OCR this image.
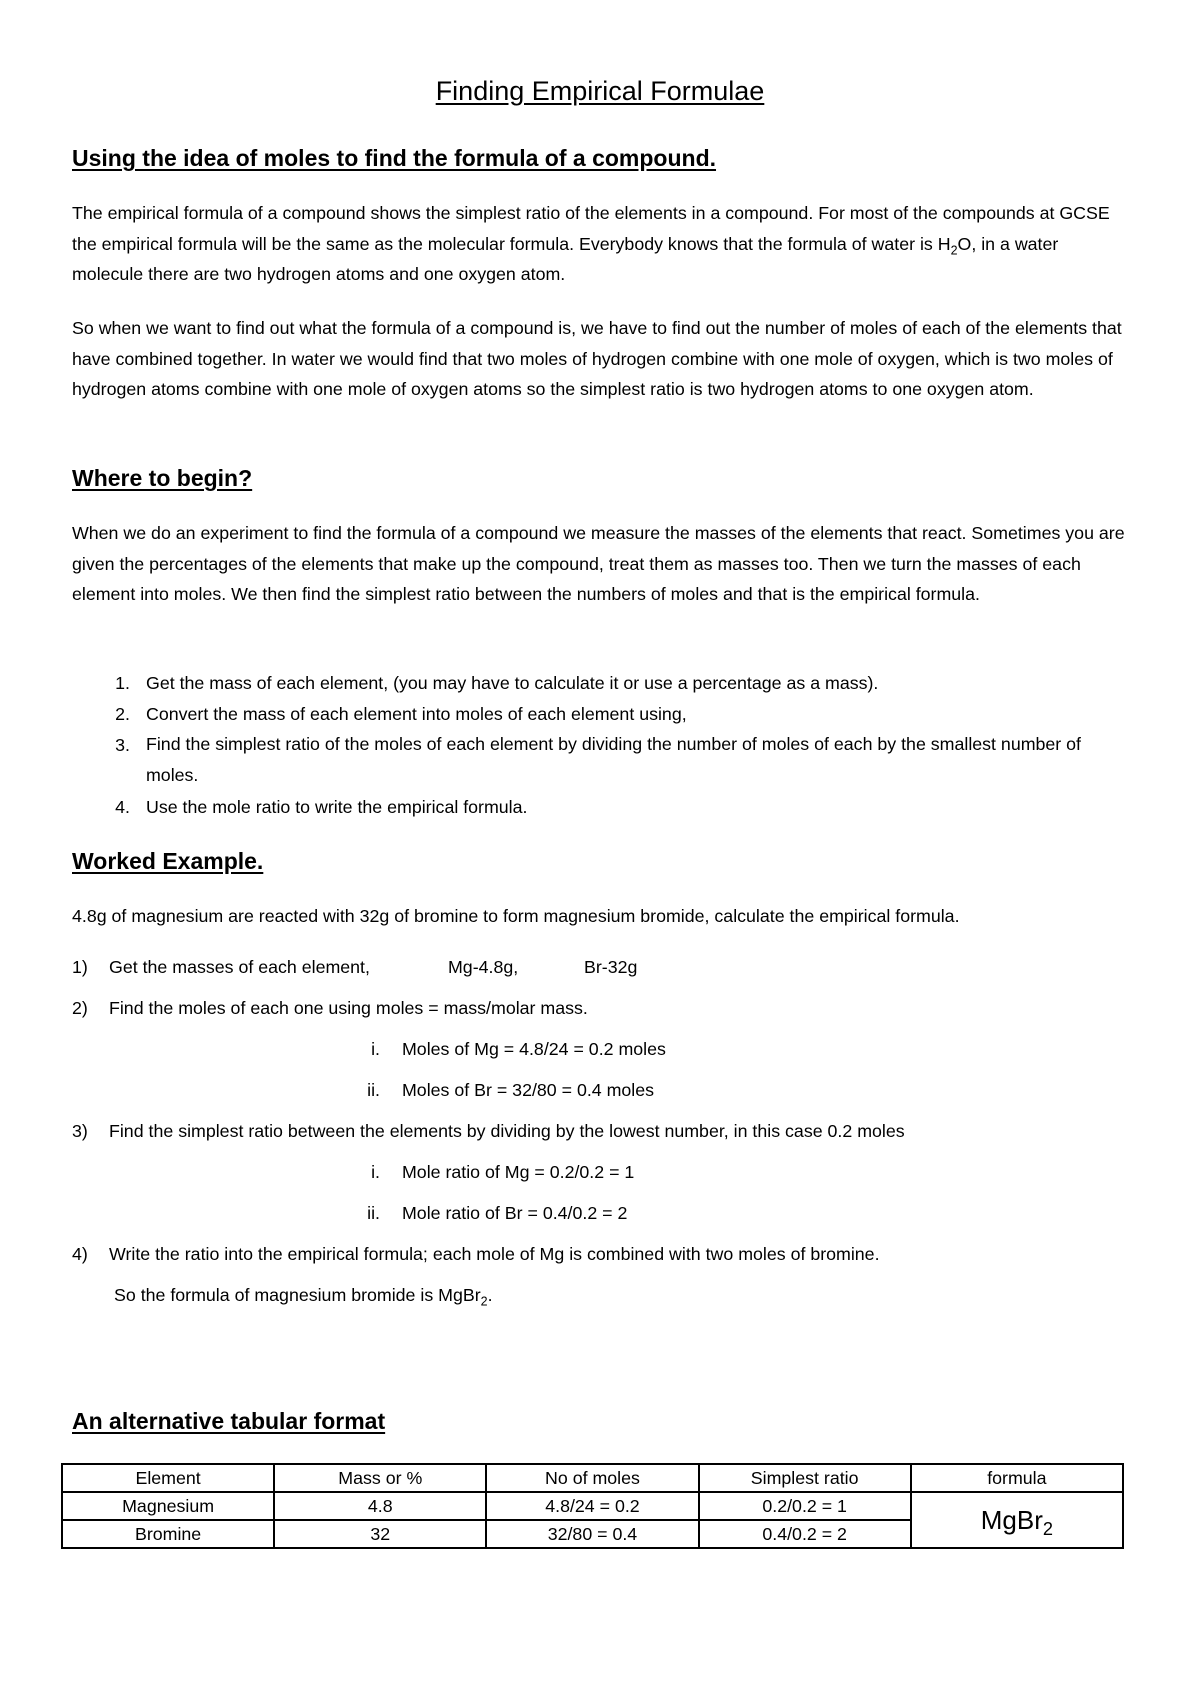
Finding Empirical Formulae
Using the idea of moles to find the formula of a compound.
The empirical formula of a compound shows the simplest ratio of the elements in a compound. For most of the compounds at GCSE the empirical formula will be the same as the molecular formula. Everybody knows that the formula of water is $H_2O$, in a water molecule there are two hydrogen atoms and one oxygen atom.
So when we want to find out what the formula of a compound is, we have to find out the number of moles of each of the elements that have combined together. In water we would find that two moles of hydrogen combine with one mole of oxygen, which is two moles of hydrogen atoms combine with one mole of oxygen atoms so the simplest ratio is two hydrogen atoms to one oxygen atom.
Where to begin?
When we do an experiment to find the formula of a compound we measure the masses of the elements that react. Sometimes you are given the percentages of the elements that make up the compound, treat them as masses too. Then we turn the masses of each element into moles. We then find the simplest ratio between the numbers of moles and that is the empirical formula.
1. Get the mass of each element, (you may have to calculate it or use a percentage as a mass).
2. Convert the mass of each element into moles of each element using,
3. Find the simplest ratio of the moles of each element by dividing the number of moles of each by the smallest number of moles.
4. Use the mole ratio to write the empirical formula.
Worked Example.
4.8g of magnesium are reacted with 32g of bromine to form magnesium bromide, calculate the empirical formula.
1) Get the masses of each element,	Mg-4.8g,	Br-32g
2) Find the moles of each one using moles = mass/molar mass.
i. Moles of Mg = 4.8/24 = 0.2 moles
ii. Moles of Br = 32/80 = 0.4 moles
3) Find the simplest ratio between the elements by dividing by the lowest number, in this case 0.2 moles
i. Mole ratio of Mg = 0.2/0.2 = 1
ii. Mole ratio of Br = 0.4/0.2 = 2
4) Write the ratio into the empirical formula; each mole of Mg is combined with two moles of bromine.
So the formula of magnesium bromide is MgBr$_2$.
An alternative tabular format
Element	Mass or %	No of moles	Simplest ratio	formula
Magnesium	4.8	4.8/24 = 0.2	0.2/0.2 = 1	MgBr$_2$
Bromine	32	32/80 = 0.4	0.4/0.2 = 2	
